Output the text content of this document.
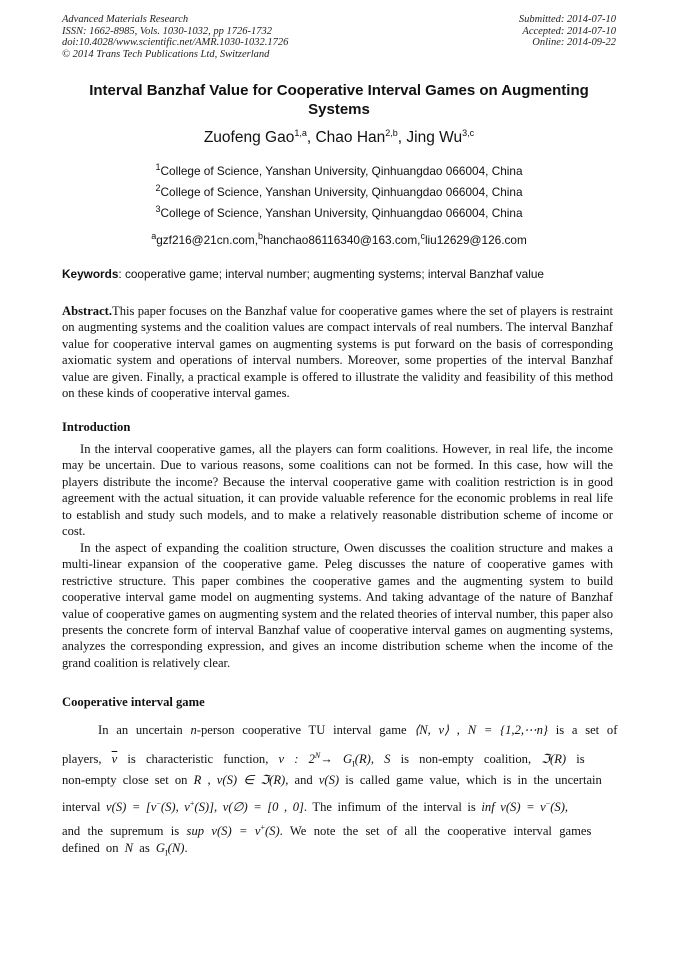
Advanced Materials Research
ISSN: 1662-8985, Vols. 1030-1032, pp 1726-1732
doi:10.4028/www.scientific.net/AMR.1030-1032.1726
© 2014 Trans Tech Publications Ltd, Switzerland
Submitted: 2014-07-10
Accepted: 2014-07-10
Online: 2014-09-22
Interval Banzhaf Value for Cooperative Interval Games on Augmenting
Systems
Zuofeng Gao$^{1,a}$, Chao Han$^{2,b}$, Jing Wu$^{3,c}$
$^1$College of Science, Yanshan University, Qinhuangdao 066004, China
$^2$College of Science, Yanshan University, Qinhuangdao 066004, China
$^3$College of Science, Yanshan University, Qinhuangdao 066004, China
$^a$gzf216@21cn.com,$^b$hanchao86116340@163.com,$^c$liu12629@126.com
Keywords: cooperative game; interval number; augmenting systems; interval Banzhaf value
Abstract.This paper focuses on the Banzhaf value for cooperative games where the set of players is restraint on augmenting systems and the coalition values are compact intervals of real numbers. The interval Banzhaf value for cooperative interval games on augmenting systems is put forward on the basis of corresponding axiomatic system and operations of interval numbers. Moreover, some properties of the interval Banzhaf value are given. Finally, a practical example is offered to illustrate the validity and feasibility of this method on these kinds of cooperative interval games.
Introduction
In the interval cooperative games, all the players can form coalitions. However, in real life, the income may be uncertain. Due to various reasons, some coalitions can not be formed. In this case, how will the players distribute the income? Because the interval cooperative game with coalition restriction is in good agreement with the actual situation, it can provide valuable reference for the economic problems in real life to establish and study such models, and to make a relatively reasonable distribution scheme of income or cost.
In the aspect of expanding the coalition structure, Owen discusses the coalition structure and makes a multi-linear expansion of the cooperative game. Peleg discusses the nature of cooperative games with restrictive structure. This paper combines the cooperative games and the augmenting system to build cooperative interval game model on augmenting systems. And taking advantage of the nature of Banzhaf value of cooperative games on augmenting system and the related theories of interval number, this paper also presents the concrete form of interval Banzhaf value of cooperative interval games on augmenting systems, analyzes the corresponding expression, and gives an income distribution scheme when the income of the grand coalition is relatively clear.
Cooperative interval game
In an uncertain n-person cooperative TU interval game ⟨N, v⟩ , N = {1,2,⋯n} is a set of
players, $\overline{v}$ is characteristic function, v : $2^N\to G_I(R)$, S is non-empty coalition, ℑ(R) is
non-empty close set on R , v(S) ∈ ℑ(R), and v(S) is called game value, which is in the uncertain
interval v(S) = [v−(S), v+(S)], v(∅) = [0 , 0]. The infimum of the interval is inf v(S) = v−(S),
and the supremum is sup v(S) = v+(S). We note the set of all the cooperative interval games
defined on N as $G_I(N)$.
